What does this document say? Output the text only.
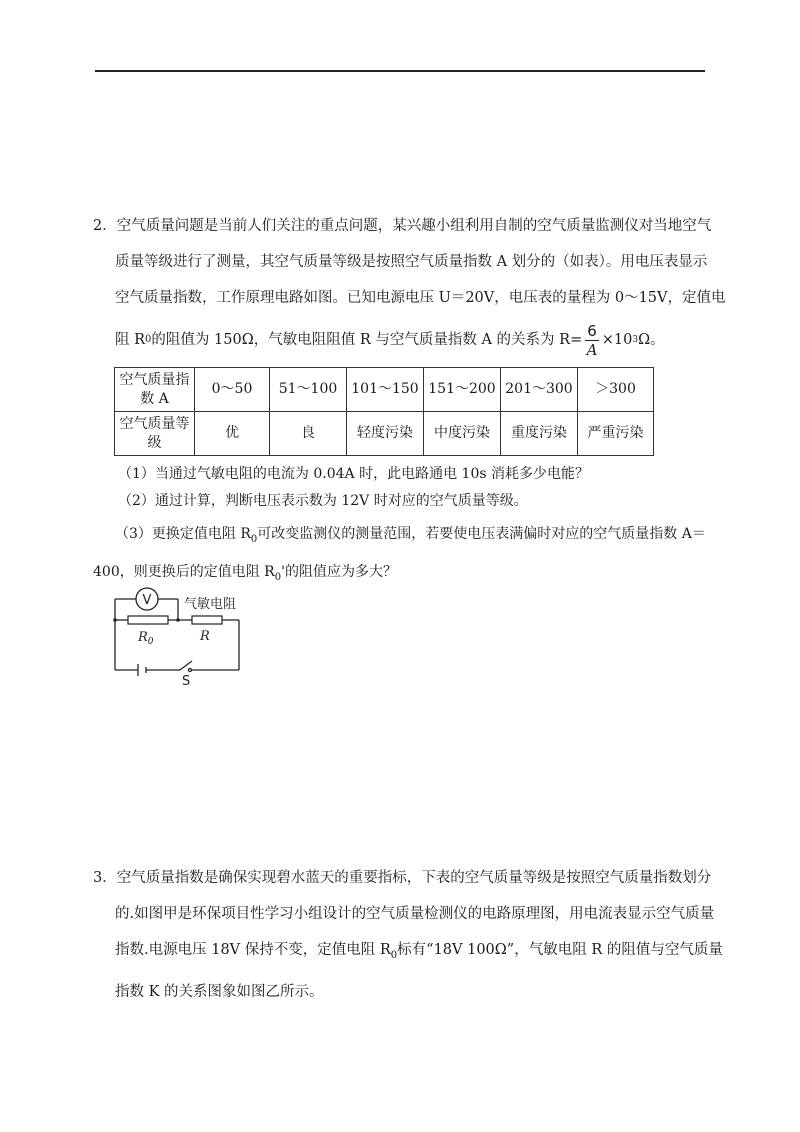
2．空气质量问题是当前人们关注的重点问题，某兴趣小组利用自制的空气质量监测仪对当地空气
质量等级进行了测量，其空气质量等级是按照空气质量指数 A 划分的（如表）。用电压表显示
空气质量指数，工作原理电路如图。已知电源电压 U＝20V，电压表的量程为 0～15V，定值电
阻 R 0 的阻值为 150Ω，气敏电阻阻值 R 与空气质量指数 A 的关系为 $R= \frac{6}{A} \times 10$ 3 Ω。
空气质量指数 A	0～50	51～100	101～150	151～200	201～300	＞300
空气质量等级	优	良	轻度污染	中度污染	重度污染	严重污染

（1）当通过气敏电阻的电流为 0.04A 时，此电路通电 10s 消耗多少电能？

（2）通过计算，判断电压表示数为 12V 时对应的空气质量等级。

（3）更换定值电阻 $R_0$可改变监测仪的测量范围，若要使电压表满偏时对应的空气质量指数 A＝
400，则更换后的定值电阻 $R_0'$的阻值应为多大？
V	气敏电阻
$R_0$	R
S
3．空气质量指数是确保实现碧水蓝天的重要指标，下表的空气质量等级是按照空气质量指数划分
的.如图甲是环保项目性学习小组设计的空气质量检测仪的电路原理图，用电流表显示空气质量
指数.电源电压 18V 保持不变，定值电阻 $R_0$标有“18V 100Ω”，气敏电阻 R 的阻值与空气质量
指数 K 的关系图象如图乙所示。
